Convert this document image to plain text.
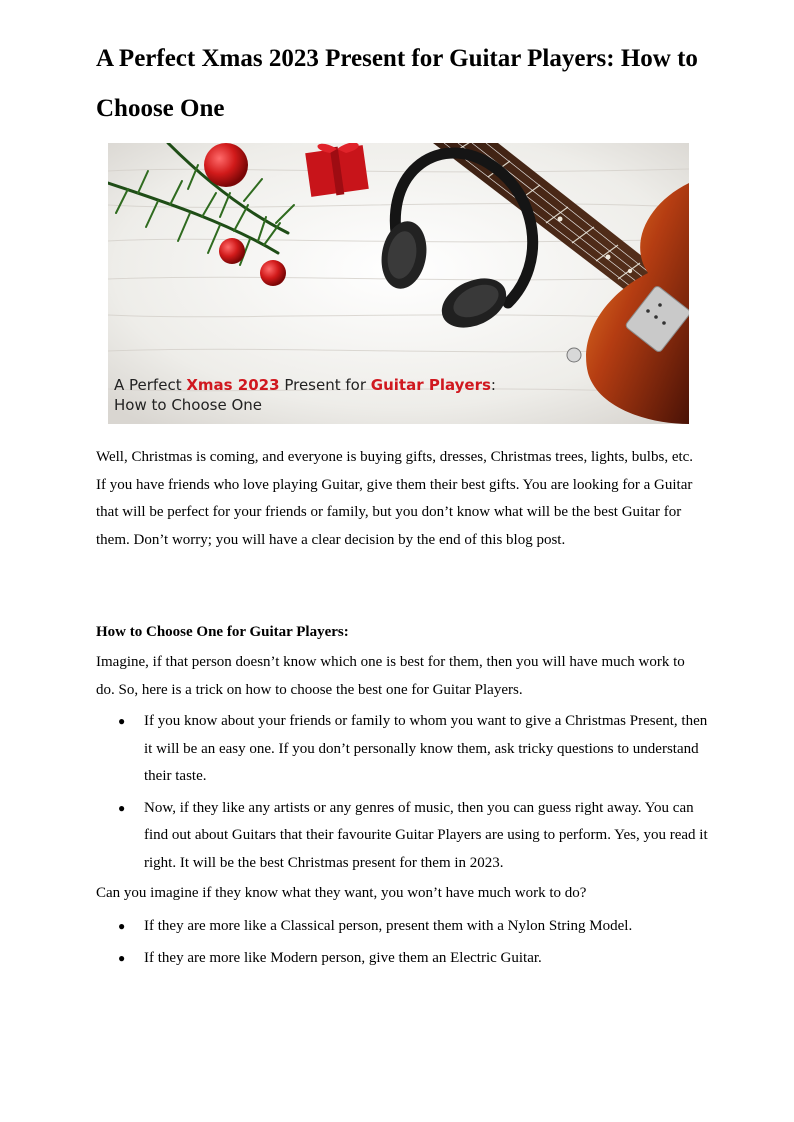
A Perfect Xmas 2023 Present for Guitar Players: How to Choose One
A Perfect Xmas 2023 Present for Guitar Players:
How to Choose One

Well, Christmas is coming, and everyone is buying gifts, dresses, Christmas trees, lights, bulbs, etc. If you have friends who love playing Guitar, give them their best gifts. You are looking for a Guitar that will be perfect for your friends or family, but you don’t know what will be the best Guitar for them. Don’t worry; you will have a clear decision by the end of this blog post.

How to Choose One for Guitar Players:

Imagine, if that person doesn’t know which one is best for them, then you will have much work to do. So, here is a trick on how to choose the best one for Guitar Players.

● If you know about your friends or family to whom you want to give a Christmas Present, then it will be an easy one. If you don’t personally know them, ask tricky questions to understand their taste.
● Now, if they like any artists or any genres of music, then you can guess right away. You can find out about Guitars that their favourite Guitar Players are using to perform. Yes, you read it right. It will be the best Christmas present for them in 2023.

Can you imagine if they know what they want, you won’t have much work to do?

● If they are more like a Classical person, present them with a Nylon String Model.
● If they are more like Modern person, give them an Electric Guitar.
